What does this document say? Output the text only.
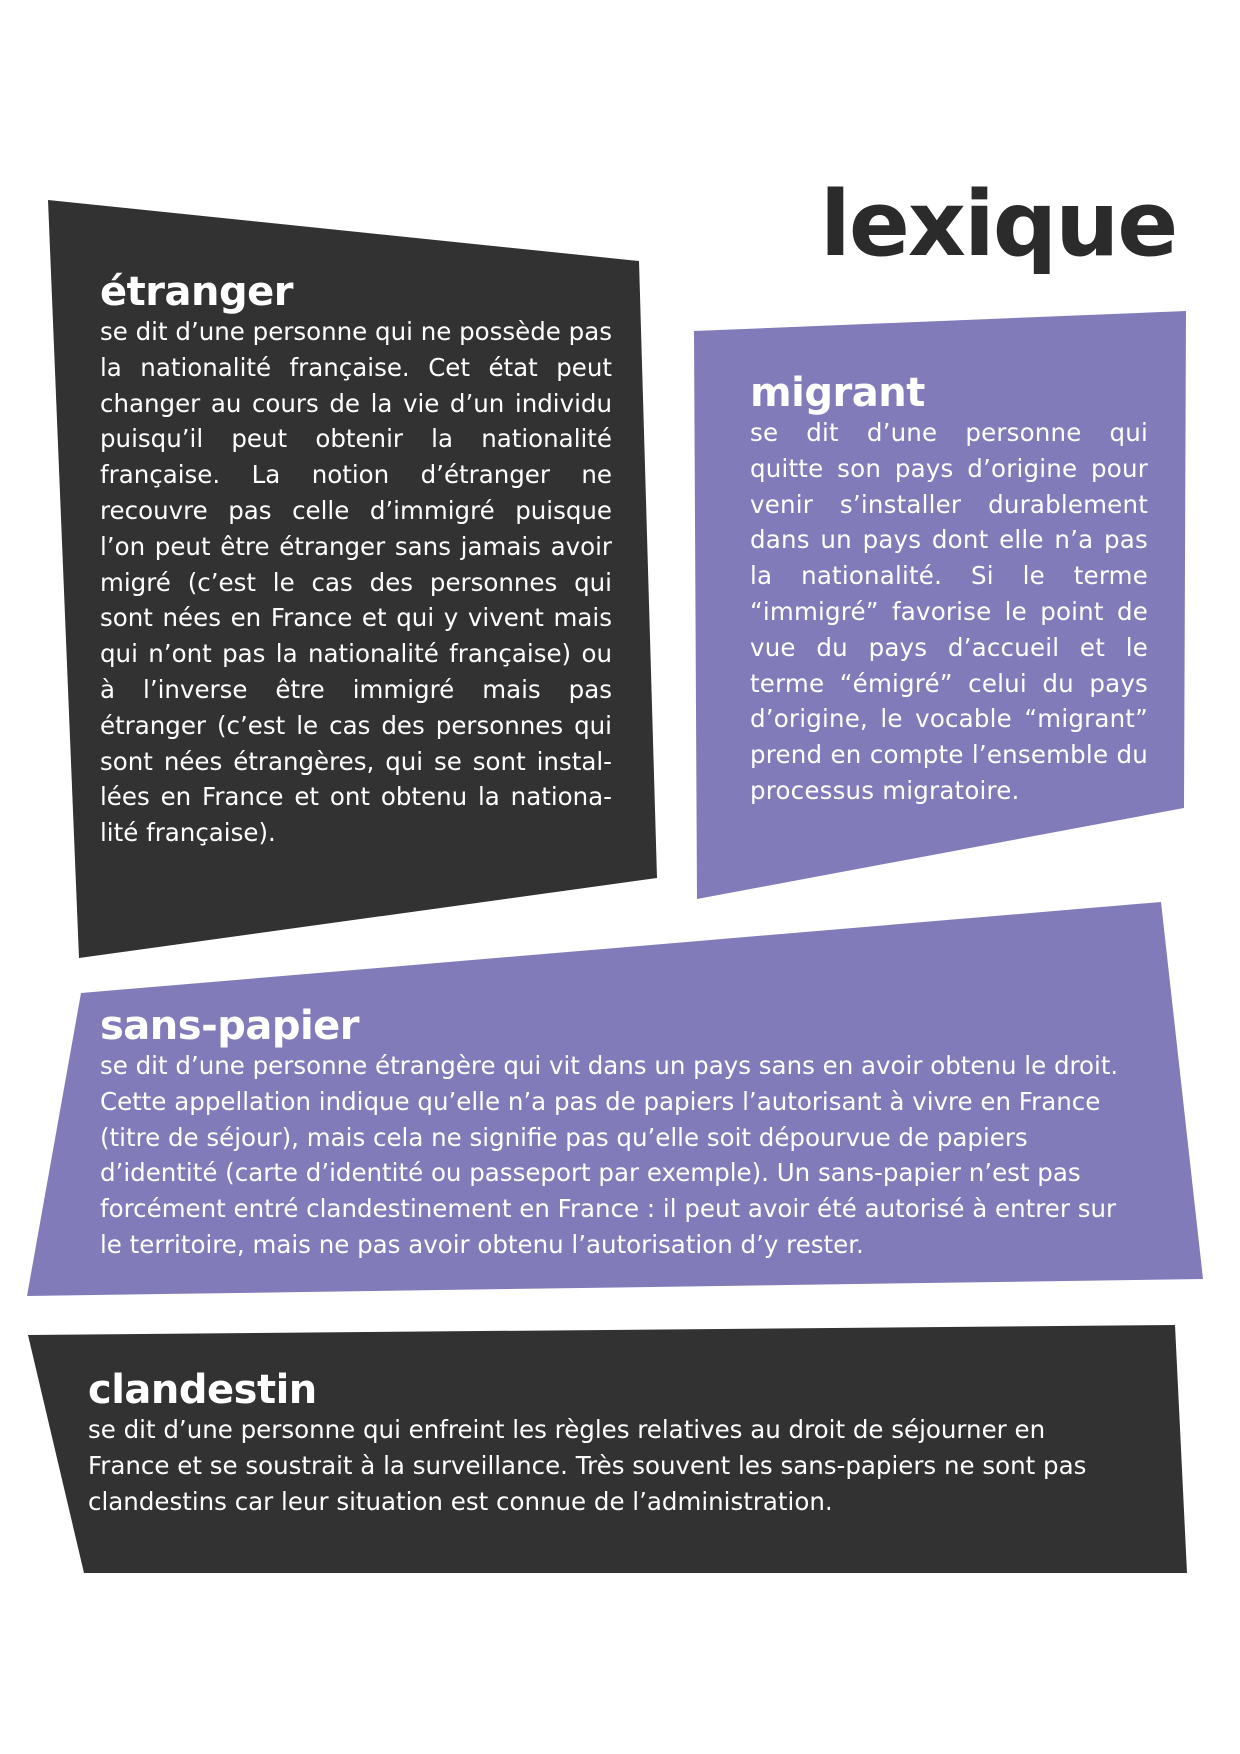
lexique
étranger

se dit d’une personne qui ne possède pas la nationalité française. Cet état peut changer au cours de la vie d’un individu puisqu’il peut obtenir la nationalité française. La notion d’étranger ne recouvre pas celle d’immigré puisque l’on peut être étranger sans jamais avoir migré (c’est le cas des personnes qui sont nées en France et qui y vivent mais qui n’ont pas la nationalité française) ou à l’inverse être immigré mais pas étranger (c’est le cas des personnes qui sont nées étrangères, qui se sont installées en France et ont obtenu la nationalité française).

migrant

se dit d’une personne qui quitte son pays d’origine pour venir s’installer durablement dans un pays dont elle n’a pas la nationalité. Si le terme “immigré” favorise le point de vue du pays d’accueil et le terme “émigré” celui du pays d’origine, le vocable “migrant” prend en compte l’ensemble du processus migratoire.

sans-papier

se dit d’une personne étrangère qui vit dans un pays sans en avoir obtenu le droit. Cette appellation indique qu’elle n’a pas de papiers l’autorisant à vivre en France (titre de séjour), mais cela ne signifie pas qu’elle soit dépourvue de papiers d’identité (carte d’identité ou passeport par exemple). Un sans-papier n’est pas forcément entré clandestinement en France : il peut avoir été autorisé à entrer sur le territoire, mais ne pas avoir obtenu l’autorisation d’y rester.

clandestin

se dit d’une personne qui enfreint les règles relatives au droit de séjourner en France et se soustrait à la surveillance. Très souvent les sans-papiers ne sont pas clandestins car leur situation est connue de l’administration.
